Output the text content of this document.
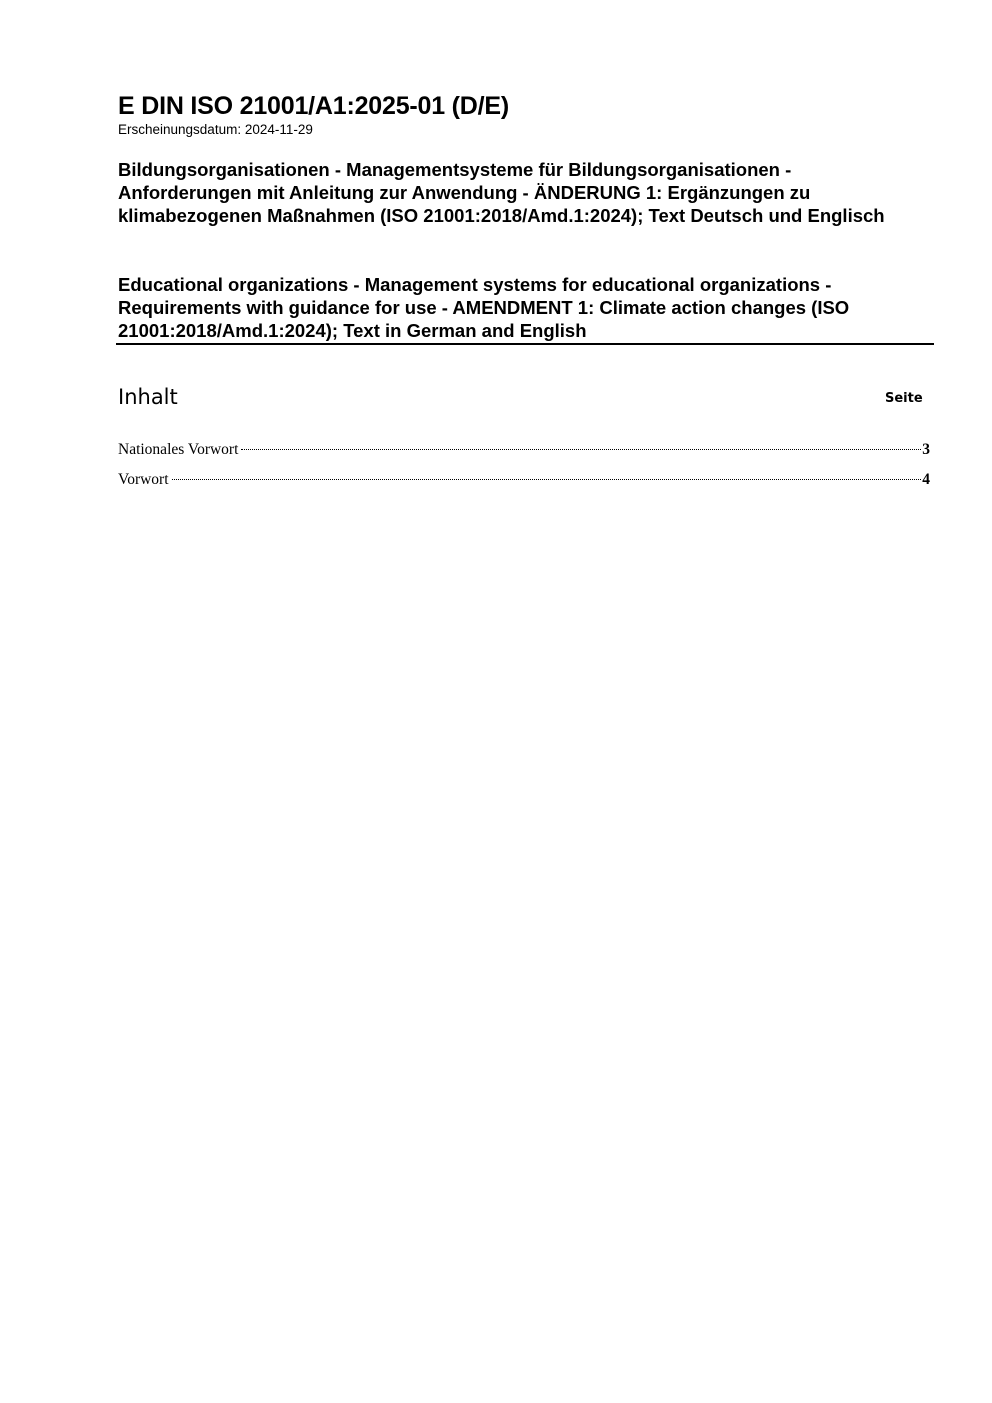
E DIN ISO 21001/A1:2025-01 (D/E)

Erscheinungsdatum: 2024-11-29

Bildungsorganisationen - Managementsysteme für Bildungsorganisationen - Anforderungen mit Anleitung zur Anwendung - ÄNDERUNG 1: Ergänzungen zu klimabezogenen Maßnahmen (ISO 21001:2018/Amd.1:2024); Text Deutsch und Englisch

Educational organizations - Management systems for educational organizations - Requirements with guidance for use - AMENDMENT 1: Climate action changes (ISO 21001:2018/Amd.1:2024); Text in German and English

Inhalt	Seite
Nationales Vorwort	3
Vorwort	4
